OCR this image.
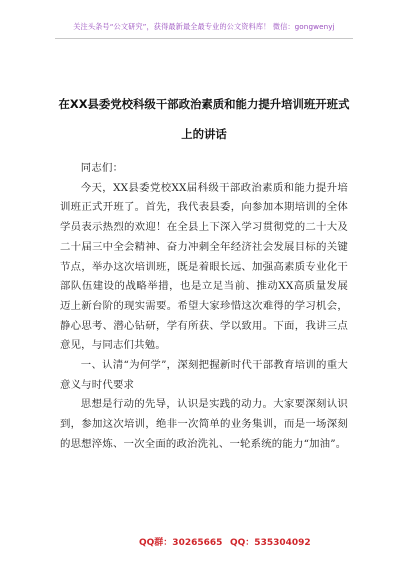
关注头条号“公文研究”，获得最新最全最专业的公文资料库！ 微信：gongwenyj
在XX县委党校科级干部政治素质和能力提升培训班开班式
上的讲话

同志们：

今天，XX县委党校XX届科级干部政治素质和能力提升培训班正式开班了。首先，我代表县委，向参加本期培训的全体学员表示热烈的欢迎！在全县上下深入学习贯彻党的二十大及二十届三中全会精神、奋力冲刺全年经济社会发展目标的关键节点，举办这次培训班，既是着眼长远、加强高素质专业化干部队伍建设的战略举措，也是立足当前、推动XX高质量发展迈上新台阶的现实需要。希望大家珍惜这次难得的学习机会，静心思考、潜心钻研，学有所获、学以致用。下面，我讲三点意见，与同志们共勉。

一、认清“为何学”，深刻把握新时代干部教育培训的重大意义与时代要求

思想是行动的先导，认识是实践的动力。大家要深刻认识到，参加这次培训，绝非一次简单的业务集训，而是一场深刻的思想淬炼、一次全面的政治洗礼、一轮系统的能力“加油”。

QQ群：30265665 QQ：535304092
